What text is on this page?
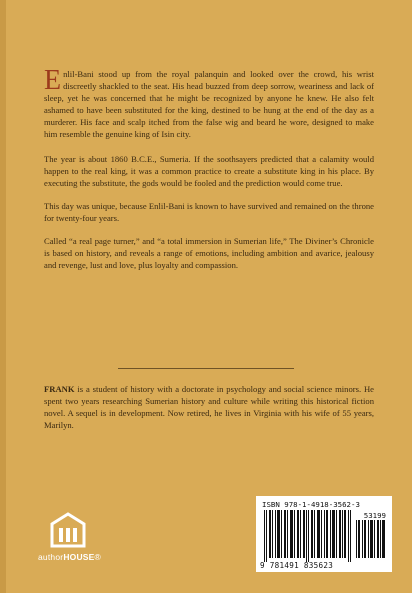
Enlil-Bani stood up from the royal palanquin and looked over the crowd, his wrist discreetly shackled to the seat. His head buzzed from deep sorrow, weariness and lack of sleep, yet he was concerned that he might be recognized by anyone he knew. He also felt ashamed to have been substituted for the king, destined to be hung at the end of the day as a murderer. His face and scalp itched from the false wig and beard he wore, designed to make him resemble the genuine king of Isin city.

The year is about 1860 B.C.E., Sumeria. If the soothsayers predicted that a calamity would happen to the real king, it was a common practice to create a substitute king in his place. By executing the substitute, the gods would be fooled and the prediction would come true.

This day was unique, because Enlil-Bani is known to have survived and remained on the throne for twenty-four years.

Called “a real page turner,” and “a total immersion in Sumerian life,” The Diviner’s Chronicle is based on history, and reveals a range of emotions, including ambition and avarice, jealousy and revenge, lust and love, plus loyalty and compassion.

FRANK is a student of history with a doctorate in psychology and social science minors. He spent two years researching Sumerian history and culture while writing this historical fiction novel. A sequel is in development. Now retired, he lives in Virginia with his wife of 55 years, Marilyn.

authorHOUSE®
ISBN 978-1-4918-3562-3
53199
9 781491 835623
